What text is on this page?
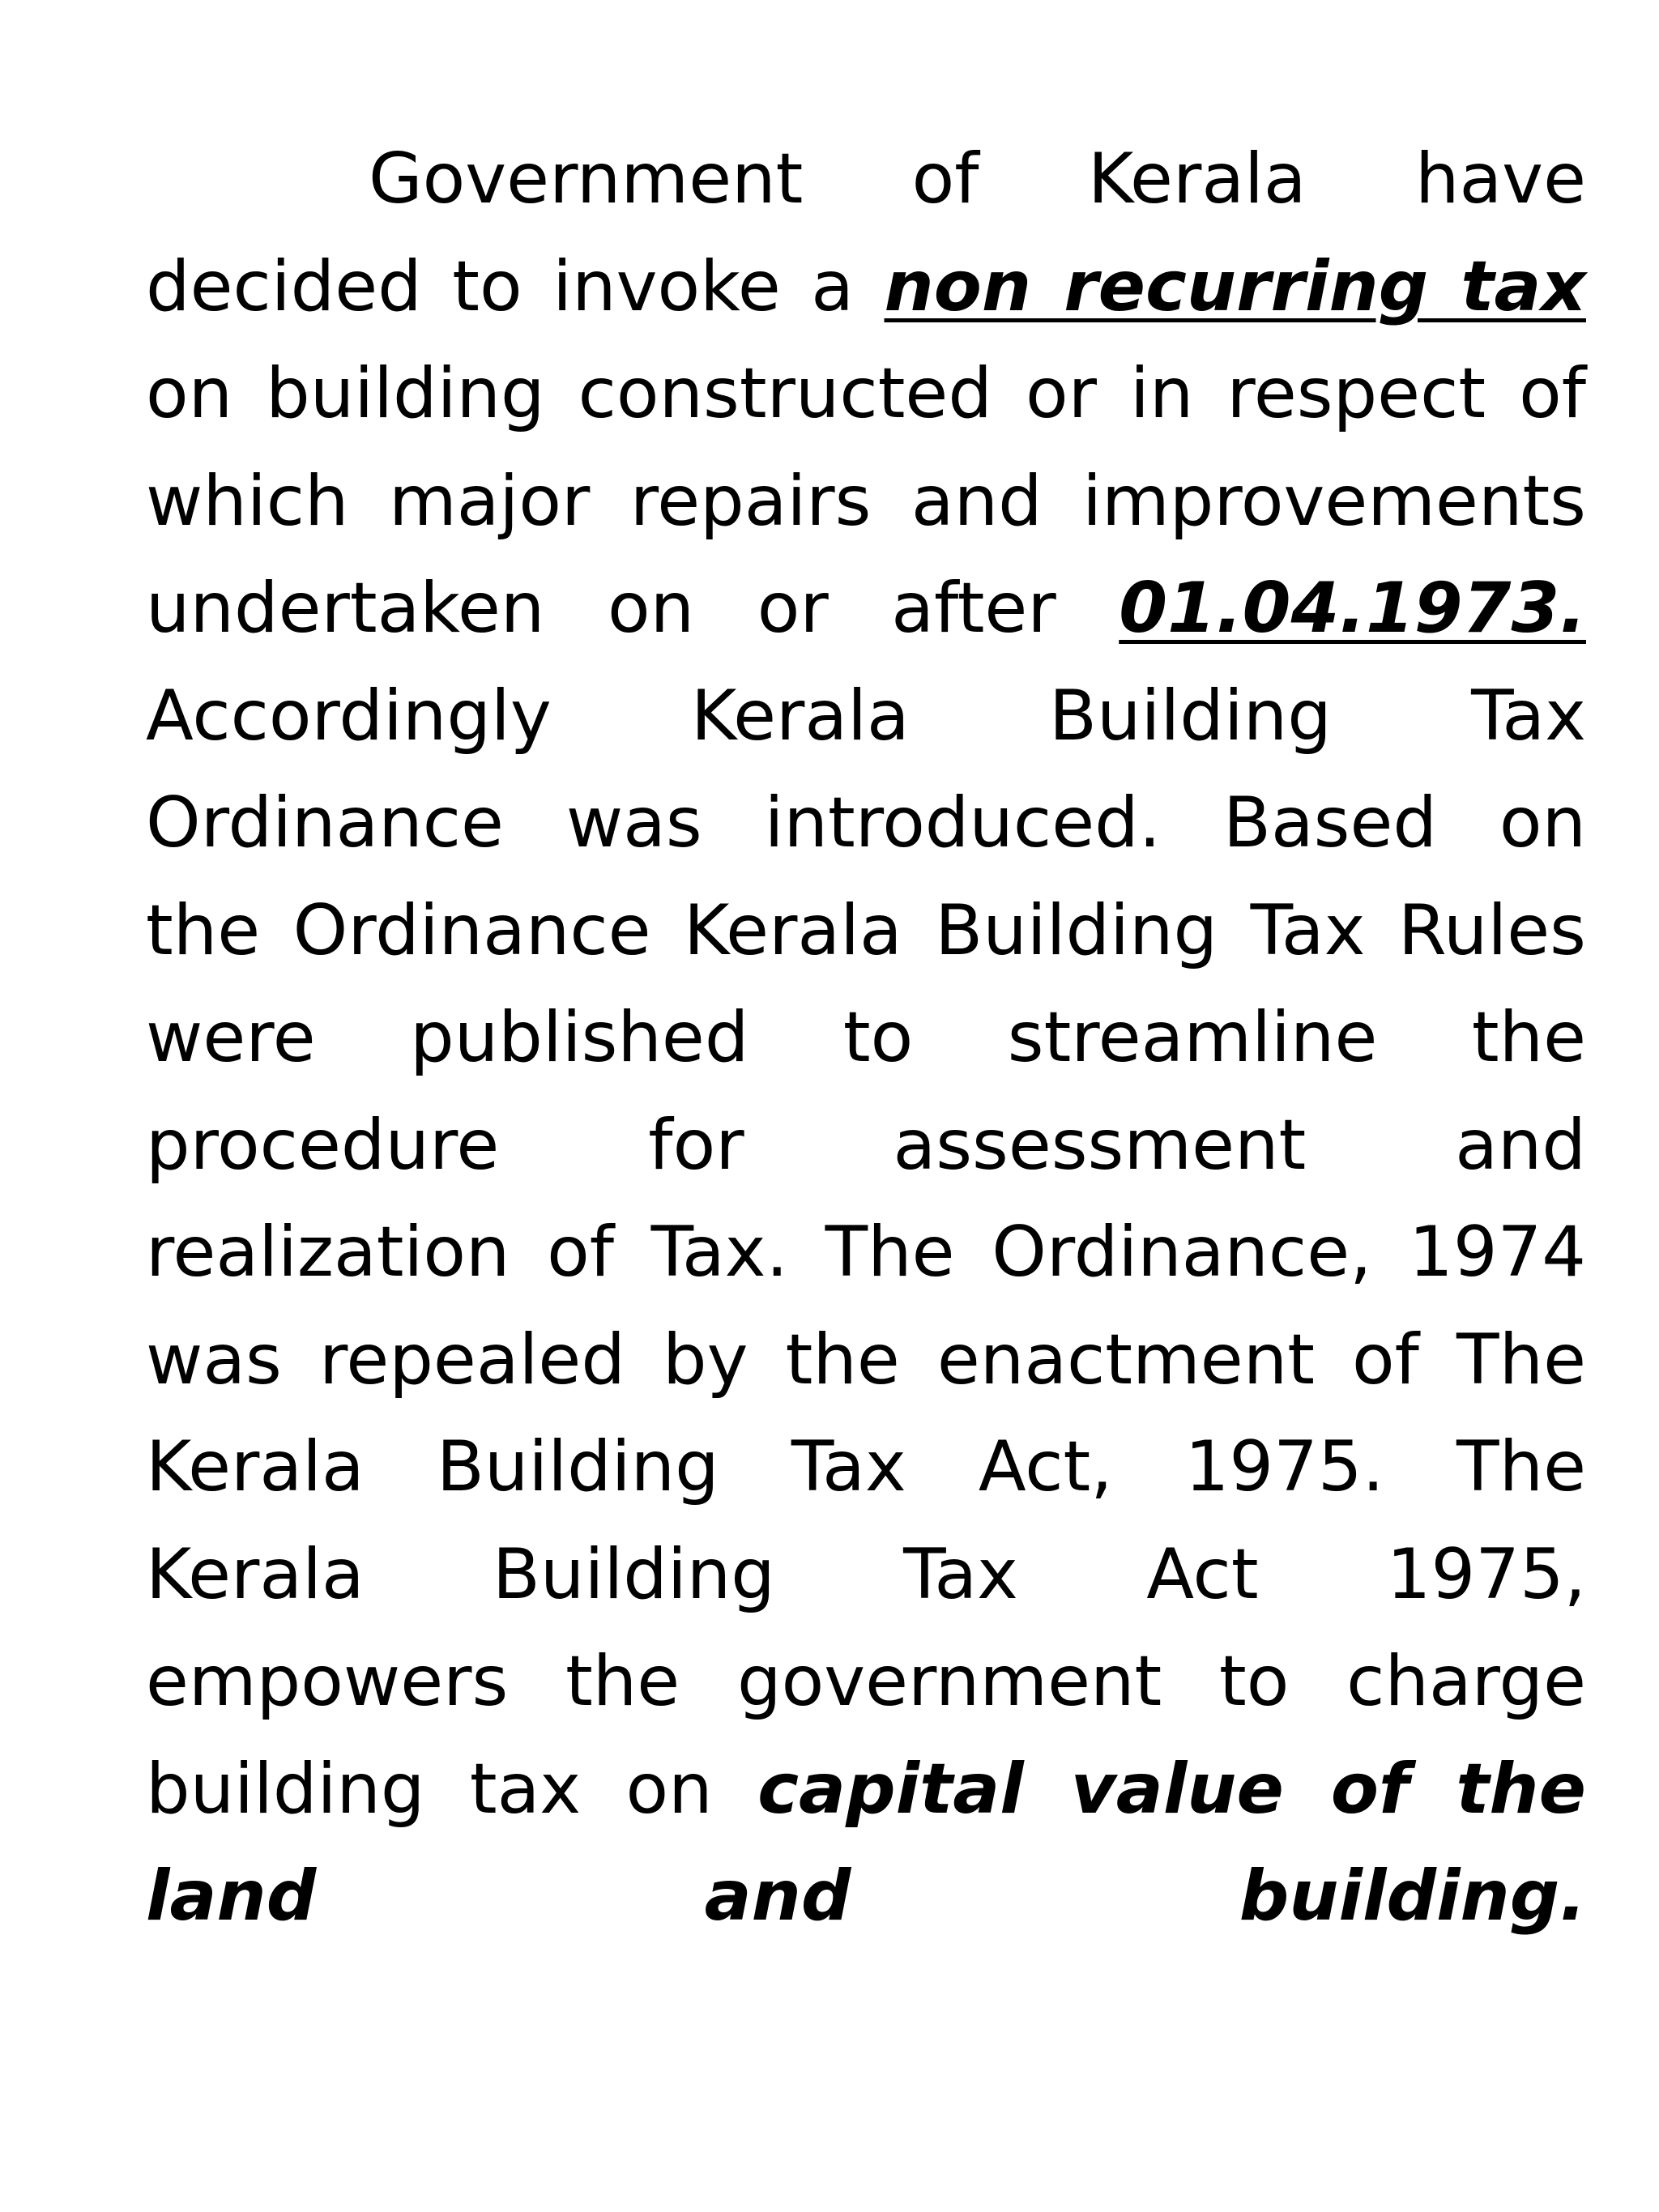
Government of Kerala have
decided to invoke a non recurring tax
on building constructed or in respect of
which major repairs and improvements
undertaken on or after 01.04.1973.
Accordingly Kerala Building Tax
Ordinance was introduced. Based on
the Ordinance Kerala Building Tax Rules
were published to streamline the
procedure for assessment and
realization of Tax. The Ordinance, 1974
was repealed by the enactment of The
Kerala Building Tax Act, 1975. The
Kerala Building Tax Act 1975,
empowers the government to charge
building tax on capital value of the
land and building.
